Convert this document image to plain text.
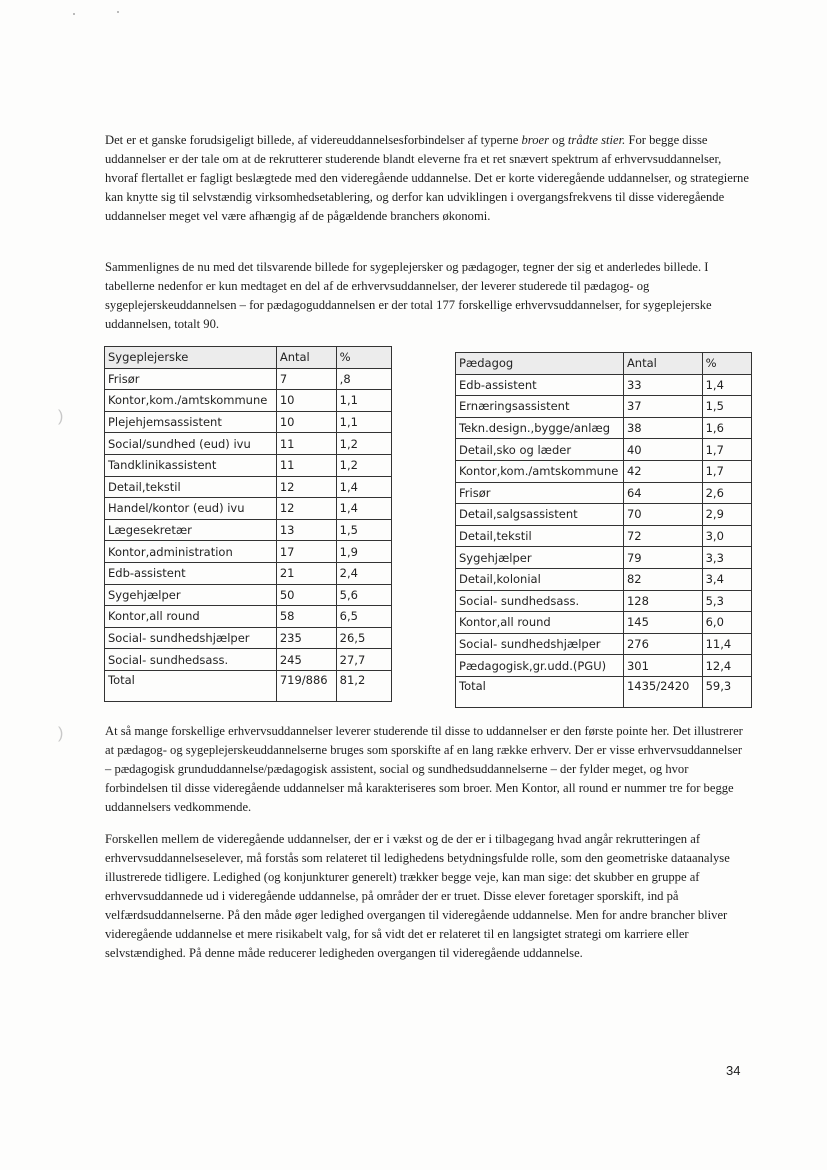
Det er et ganske forudsigeligt billede, af videreuddannelsesforbindelser af typerne broer og trådte stier. For begge disse uddannelser er der tale om at de rekrutterer studerende blandt eleverne fra et ret snævert spektrum af erhvervsuddannelser, hvoraf flertallet er fagligt beslægtede med den videregående uddannelse. Det er korte videregående uddannelser, og strategierne kan knytte sig til selvstændig virksomhedsetablering, og derfor kan udviklingen i overgangsfrekvens til disse videregående uddannelser meget vel være afhængig af de pågældende branchers økonomi.

Sammenlignes de nu med det tilsvarende billede for sygeplejersker og pædagoger, tegner der sig et anderledes billede. I tabellerne nedenfor er kun medtaget en del af de erhvervsuddannelser, der leverer studerede til pædagog- og sygeplejerskeuddannelsen – for pædagoguddannelsen er der total 177 forskellige erhvervsuddannelser, for sygeplejerske uddannelsen, totalt 90.

Sygeplejerske	Antal	%
Frisør	7	,8
Kontor,kom./amtskommune	10	1,1
Plejehjemsassistent	10	1,1
Social/sundhed (eud) ivu	11	1,2
Tandklinikassistent	11	1,2
Detail,tekstil	12	1,4
Handel/kontor (eud) ivu	12	1,4
Lægesekretær	13	1,5
Kontor,administration	17	1,9
Edb-assistent	21	2,4
Sygehjælper	50	5,6
Kontor,all round	58	6,5
Social- sundhedshjælper	235	26,5
Social- sundhedsass.	245	27,7
Total	719/886	81,2
Pædagog	Antal	%
Edb-assistent	33	1,4
Ernæringsassistent	37	1,5
Tekn.design.,bygge/anlæg	38	1,6
Detail,sko og læder	40	1,7
Kontor,kom./amtskommune	42	1,7
Frisør	64	2,6
Detail,salgsassistent	70	2,9
Detail,tekstil	72	3,0
Sygehjælper	79	3,3
Detail,kolonial	82	3,4
Social- sundhedsass.	128	5,3
Kontor,all round	145	6,0
Social- sundhedshjælper	276	11,4
Pædagogisk,gr.udd.(PGU)	301	12,4
Total	1435/2420	59,3

At så mange forskellige erhvervsuddannelser leverer studerende til disse to uddannelser er den første pointe her. Det illustrerer at pædagog- og sygeplejerskeuddannelserne bruges som sporskifte af en lang række erhverv. Der er visse erhvervsuddannelser – pædagogisk grunduddannelse/pædagogisk assistent, social og sundhedsuddannelserne – der fylder meget, og hvor forbindelsen til disse videregående uddannelser må karakteriseres som broer. Men Kontor, all round er nummer tre for begge uddannelsers vedkommende.

Forskellen mellem de videregående uddannelser, der er i vækst og de der er i tilbagegang hvad angår rekrutteringen af erhvervsuddannelseselever, må forstås som relateret til ledighedens betydningsfulde rolle, som den geometriske dataanalyse illustrerede tidligere. Ledighed (og konjunkturer generelt) trækker begge veje, kan man sige: det skubber en gruppe af erhvervsuddannede ud i videregående uddannelse, på områder der er truet. Disse elever foretager sporskift, ind på velfærdsuddannelserne. På den måde øger ledighed overgangen til videregående uddannelse. Men for andre brancher bliver videregående uddannelse et mere risikabelt valg, for så vidt det er relateret til en langsigtet strategi om karriere eller selvstændighed. På denne måde reducerer ledigheden overgangen til videregående uddannelse.

)
)
34
